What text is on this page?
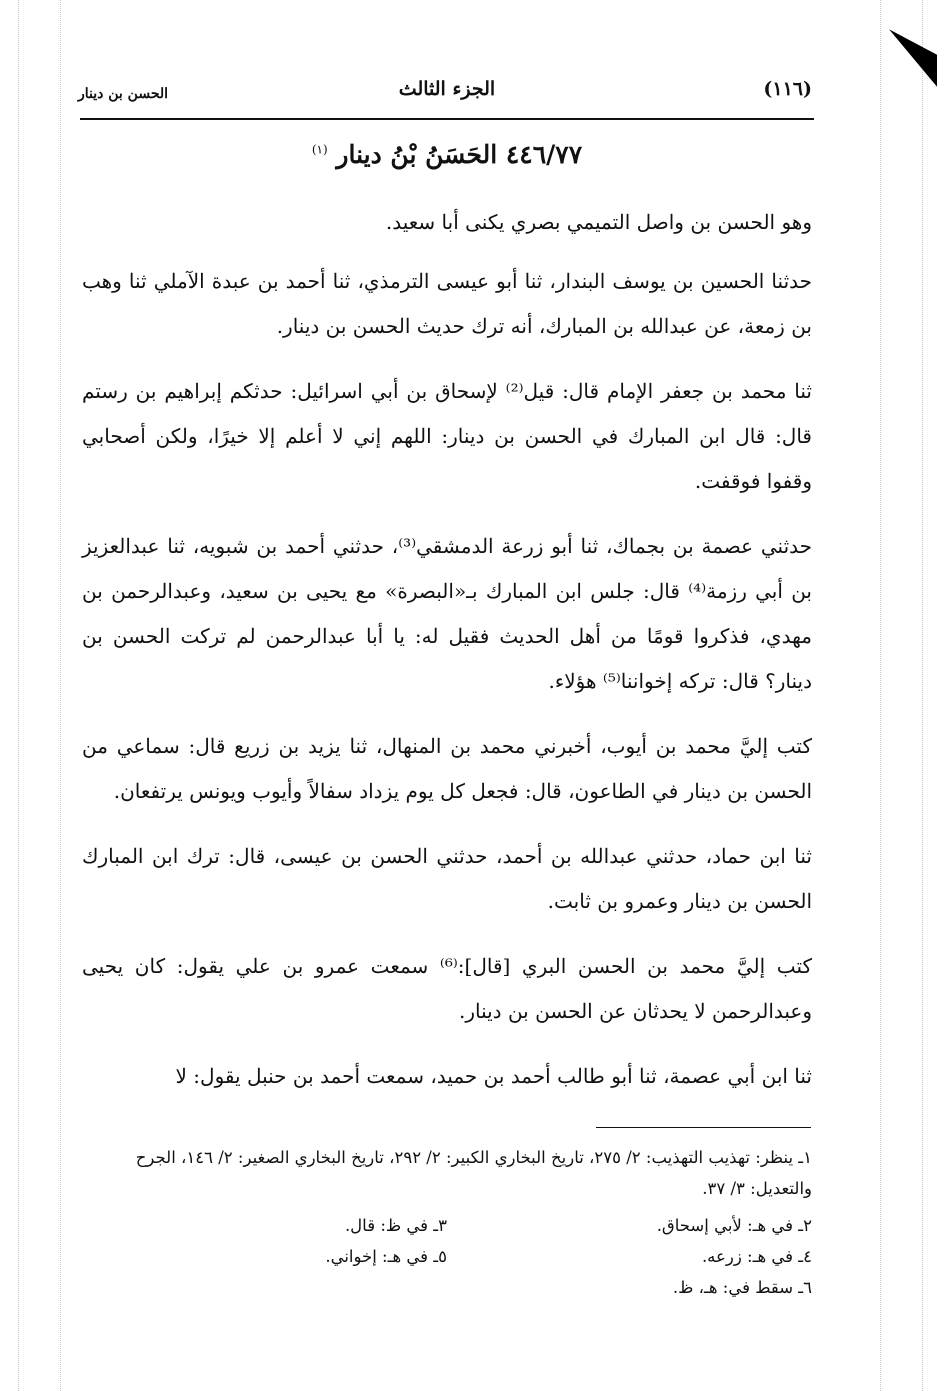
(١١٦)
الجزء الثالث
الحسن بن دينار
٤٤٦/٧٧ الحَسَنُ بْنُ دينار $^{(١)}$

وهو الحسن بن واصل التميمي بصري يكنى أبا سعيد.

حدثنا الحسين بن يوسف البندار، ثنا أبو عيسى الترمذي، ثنا أحمد بن عبدة الآملي ثنا وهب بن زمعة، عن عبدالله بن المبارك، أنه ترك حديث الحسن بن دينار.

ثنا محمد بن جعفر الإمام قال: قيل⁽²⁾ لإسحاق بن أبي اسرائيل: حدثكم إبراهيم بن رستم قال: قال ابن المبارك في الحسن بن دينار: اللهم إني لا أعلم إلا خيرًا، ولكن أصحابي وقفوا فوقفت.

حدثني عصمة بن بجماك، ثنا أبو زرعة الدمشقي⁽³⁾، حدثني أحمد بن شبويه، ثنا عبدالعزيز بن أبي رزمة⁽⁴⁾ قال: جلس ابن المبارك بـ«البصرة» مع يحيى بن سعيد، وعبدالرحمن بن مهدي، فذكروا قومًا من أهل الحديث فقيل له: يا أبا عبدالرحمن لم تركت الحسن بن دينار؟ قال: تركه إخواننا⁽⁵⁾ هؤلاء.

كتب إليَّ محمد بن أيوب، أخبرني محمد بن المنهال، ثنا يزيد بن زريع قال: سماعي من الحسن بن دينار في الطاعون، قال: فجعل كل يوم يزداد سفالاً وأيوب ويونس يرتفعان.

ثنا ابن حماد، حدثني عبدالله بن أحمد، حدثني الحسن بن عيسى، قال: ترك ابن المبارك الحسن بن دينار وعمرو بن ثابت.

كتب إليَّ محمد بن الحسن البري [قال]:⁽⁶⁾ سمعت عمرو بن علي يقول: كان يحيى وعبدالرحمن لا يحدثان عن الحسن بن دينار.

ثنا ابن أبي عصمة، ثنا أبو طالب أحمد بن حميد، سمعت أحمد بن حنبل يقول: لا

١ـ ينظر: تهذيب التهذيب: ٢/ ٢٧٥، تاريخ البخاري الكبير: ٢/ ٢٩٢، تاريخ البخاري الصغير: ٢/ ١٤٦، الجرح والتعديل: ٣/ ٣٧.

٢ـ في هـ: لأبي إسحاق.
٣ـ في ظ: قال.
٤ـ في هـ: زرعه.
٥ـ في هـ: إخواني.
٦ـ سقط في: هـ، ظ.
